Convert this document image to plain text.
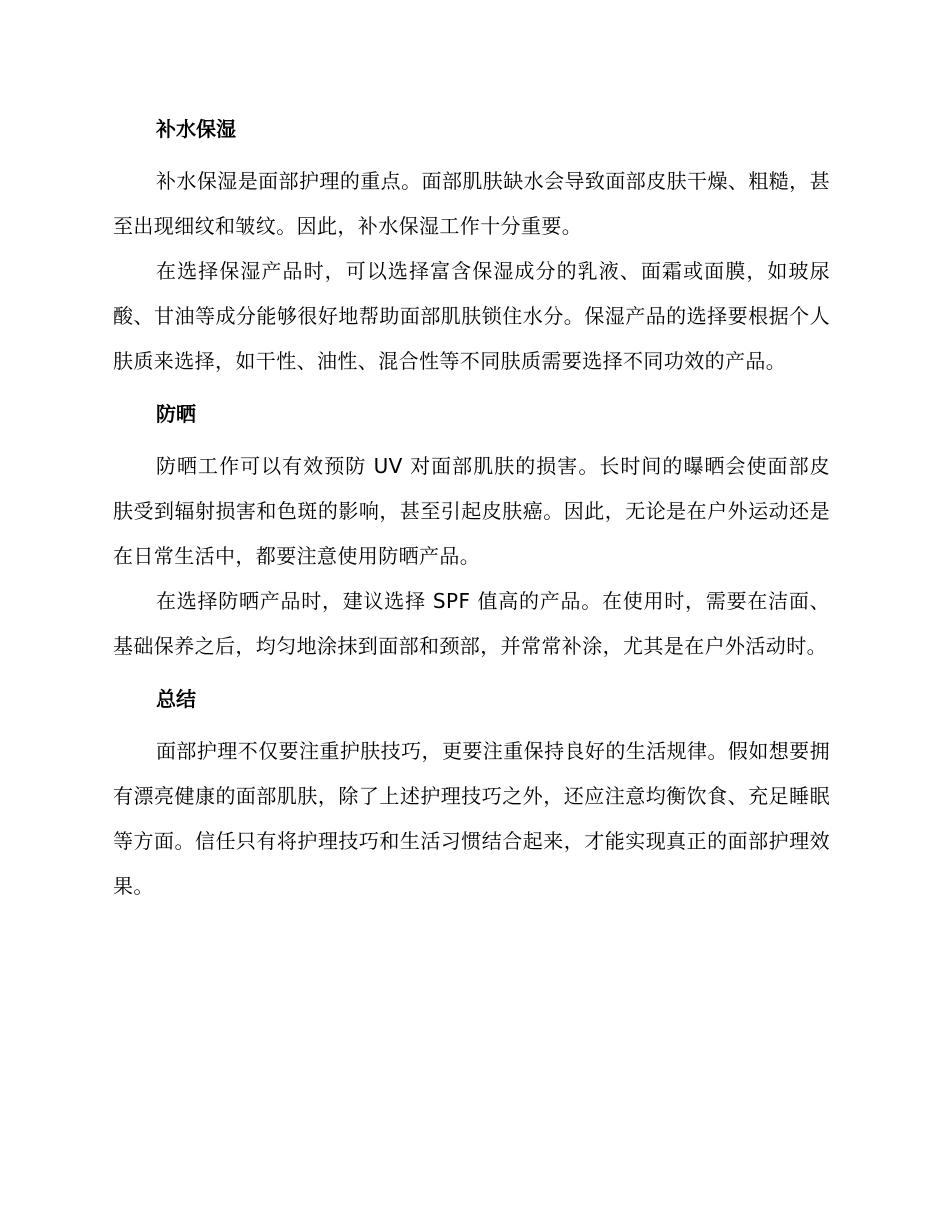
补水保湿

补水保湿是面部护理的重点。面部肌肤缺水会导致面部皮肤干燥、粗糙，甚至出现细纹和皱纹。因此，补水保湿工作十分重要。

在选择保湿产品时，可以选择富含保湿成分的乳液、面霜或面膜，如玻尿酸、甘油等成分能够很好地帮助面部肌肤锁住水分。保湿产品的选择要根据个人肤质来选择，如干性、油性、混合性等不同肤质需要选择不同功效的产品。

防晒

防晒工作可以有效预防 UV 对面部肌肤的损害。长时间的曝晒会使面部皮肤受到辐射损害和色斑的影响，甚至引起皮肤癌。因此，无论是在户外运动还是在日常生活中，都要注意使用防晒产品。

在选择防晒产品时，建议选择 SPF 值高的产品。在使用时，需要在洁面、基础保养之后，均匀地涂抹到面部和颈部，并常常补涂，尤其是在户外活动时。

总结

面部护理不仅要注重护肤技巧，更要注重保持良好的生活规律。假如想要拥有漂亮健康的面部肌肤，除了上述护理技巧之外，还应注意均衡饮食、充足睡眠等方面。信任只有将护理技巧和生活习惯结合起来，才能实现真正的面部护理效果。
